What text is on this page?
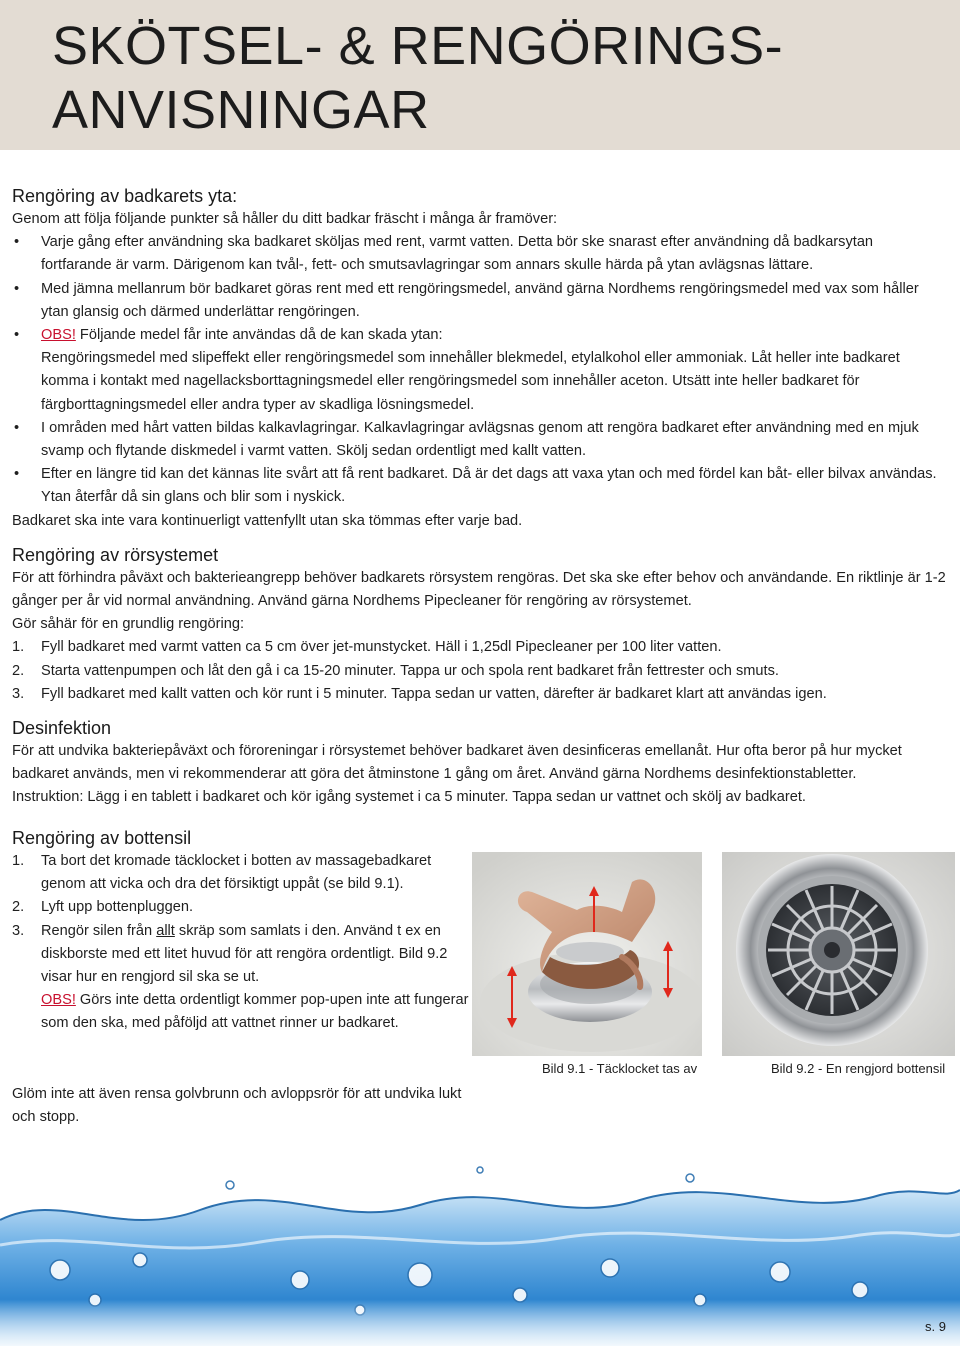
SKÖTSEL- & RENGÖRINGS-
ANVISNINGAR

Rengöring av badkarets yta:

Genom att följa följande punkter så håller du ditt badkar fräscht i många år framöver:

• Varje gång efter användning ska badkaret sköljas med rent, varmt vatten. Detta bör ske snarast efter användning då badkarsytan fortfarande är varm. Därigenom kan tvål-, fett- och smutsavlagringar som annars skulle härda på ytan avlägsnas lättare.
• Med jämna mellanrum bör badkaret göras rent med ett rengöringsmedel, använd gärna Nordhems rengöringsmedel med vax som håller ytan glansig och därmed underlättar rengöringen.
• OBS! Följande medel får inte användas då de kan skada ytan:
Rengöringsmedel med slipeffekt eller rengöringsmedel som innehåller blekmedel, etylalkohol eller ammoniak. Låt heller inte badkaret komma i kontakt med nagellacksborttagningsmedel eller rengöringsmedel som innehåller aceton. Utsätt inte heller badkaret för färgborttagningsmedel eller andra typer av skadliga lösningsmedel.
• I områden med hårt vatten bildas kalkavlagringar. Kalkavlagringar avlägsnas genom att rengöra badkaret efter användning med en mjuk svamp och flytande diskmedel i varmt vatten. Skölj sedan ordentligt med kallt vatten.
• Efter en längre tid kan det kännas lite svårt att få rent badkaret. Då är det dags att vaxa ytan och med fördel kan båt- eller bilvax användas. Ytan återfår då sin glans och blir som i nyskick.

Badkaret ska inte vara kontinuerligt vattenfyllt utan ska tömmas efter varje bad.

Rengöring av rörsystemet

För att förhindra påväxt och bakterieangrepp behöver badkarets rörsystem rengöras. Det ska ske efter behov och användande. En riktlinje är 1-2 gånger per år vid normal användning. Använd gärna Nordhems Pipecleaner för rengöring av rörsystemet.

Gör såhär för en grundlig rengöring:

1. Fyll badkaret med varmt vatten ca 5 cm över jet-munstycket. Häll i 1,25dl Pipecleaner per 100 liter vatten.
2. Starta vattenpumpen och låt den gå i ca 15-20 minuter. Tappa ur och spola rent badkaret från fettrester och smuts.
3. Fyll badkaret med kallt vatten och kör runt i 5 minuter. Tappa sedan ur vatten, därefter är badkaret klart att användas igen.

Desinfektion

För att undvika bakteriepåväxt och föroreningar i rörsystemet behöver badkaret även desinficeras emellanåt. Hur ofta beror på hur mycket badkaret används, men vi rekommenderar att göra det åtminstone 1 gång om året. Använd gärna Nordhems desinfektionstabletter.

Instruktion: Lägg i en tablett i badkaret och kör igång systemet i ca 5 minuter. Tappa sedan ur vattnet och skölj av badkaret.

Rengöring av bottensil

1. Ta bort det kromade täcklocket i botten av massagebadkaret genom att vicka och dra det försiktigt uppåt (se bild 9.1).
2. Lyft upp bottenpluggen.
3. Rengör silen från allt skräp som samlats i den. Använd t ex en diskborste med ett litet huvud för att rengöra ordentligt. Bild 9.2 visar hur en rengjord sil ska se ut.
OBS! Görs inte detta ordentligt kommer pop-upen inte att fungerar som den ska, med påföljd att vattnet rinner ur badkaret.

Glöm inte att även rensa golvbrunn och avloppsrör för att undvika lukt och stopp.

Bild 9.1 - Täcklocket tas av	Bild 9.2 - En rengjord bottensil
s. 9
